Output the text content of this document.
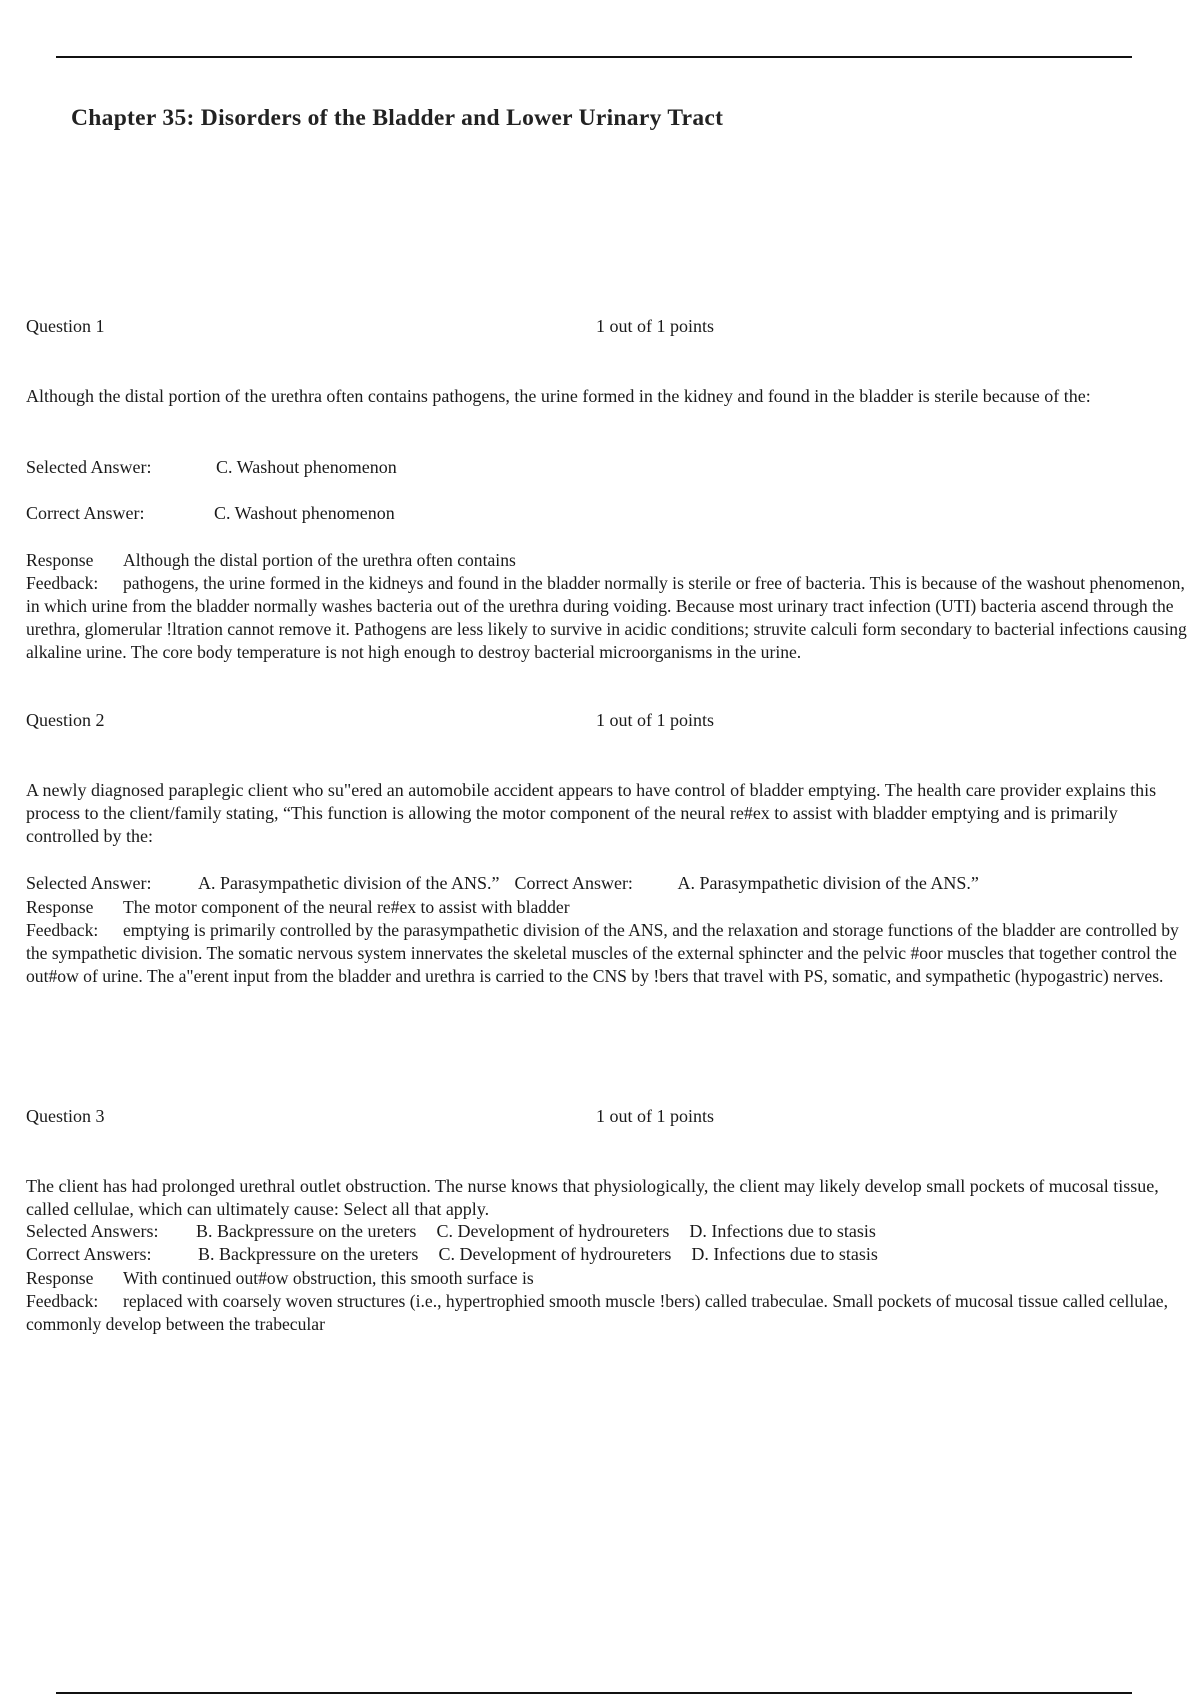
Chapter 35: Disorders of the Bladder and Lower Urinary Tract
Question 1	1 out of 1 points

Although the distal portion of the urethra often contains pathogens, the urine formed in the kidney and found in the bladder is sterile because of the:

Selected Answer:	C. Washout phenomenon
Correct Answer:	C. Washout phenomenon
Response Although the distal portion of the urethra often contains
Feedback: pathogens, the urine formed in the kidneys and found in the bladder normally is sterile or free of bacteria. This is because of the washout phenomenon, in which urine from the bladder normally washes bacteria out of the urethra during voiding. Because most urinary tract infection (UTI) bacteria ascend through the urethra, glomerular !ltration cannot remove it. Pathogens are less likely to survive in acidic conditions; struvite calculi form secondary to bacterial infections causing alkaline urine. The core body temperature is not high enough to destroy bacterial microorganisms in the urine.
Question 2	1 out of 1 points

A newly diagnosed paraplegic client who su"ered an automobile accident appears to have control of bladder emptying. The health care provider explains this process to the client/family stating, “This function is allowing the motor component of the neural re#ex to assist with bladder emptying and is primarily controlled by the:

Selected Answer:	A. Parasympathetic division of the ANS.” Correct Answer: A. Parasympathetic division of the ANS.”
Response The motor component of the neural re#ex to assist with bladder
Feedback: emptying is primarily controlled by the parasympathetic division of the ANS, and the relaxation and storage functions of the bladder are controlled by the sympathetic division. The somatic nervous system innervates the skeletal muscles of the external sphincter and the pelvic #oor muscles that together control the out#ow of urine. The a"erent input from the bladder and urethra is carried to the CNS by !bers that travel with PS, somatic, and sympathetic (hypogastric) nerves.
Question 3	1 out of 1 points

The client has had prolonged urethral outlet obstruction. The nurse knows that physiologically, the client may likely develop small pockets of mucosal tissue, called cellulae, which can ultimately cause: Select all that apply.

Selected Answers: B. Backpressure on the ureters C. Development of hydroureters D. Infections due to stasis
Correct Answers:	B. Backpressure on the ureters C. Development of hydroureters D. Infections due to stasis
Response With continued out#ow obstruction, this smooth surface is
Feedback: replaced with coarsely woven structures (i.e., hypertrophied smooth muscle !bers) called trabeculae. Small pockets of mucosal tissue called cellulae, commonly develop between the trabecular
